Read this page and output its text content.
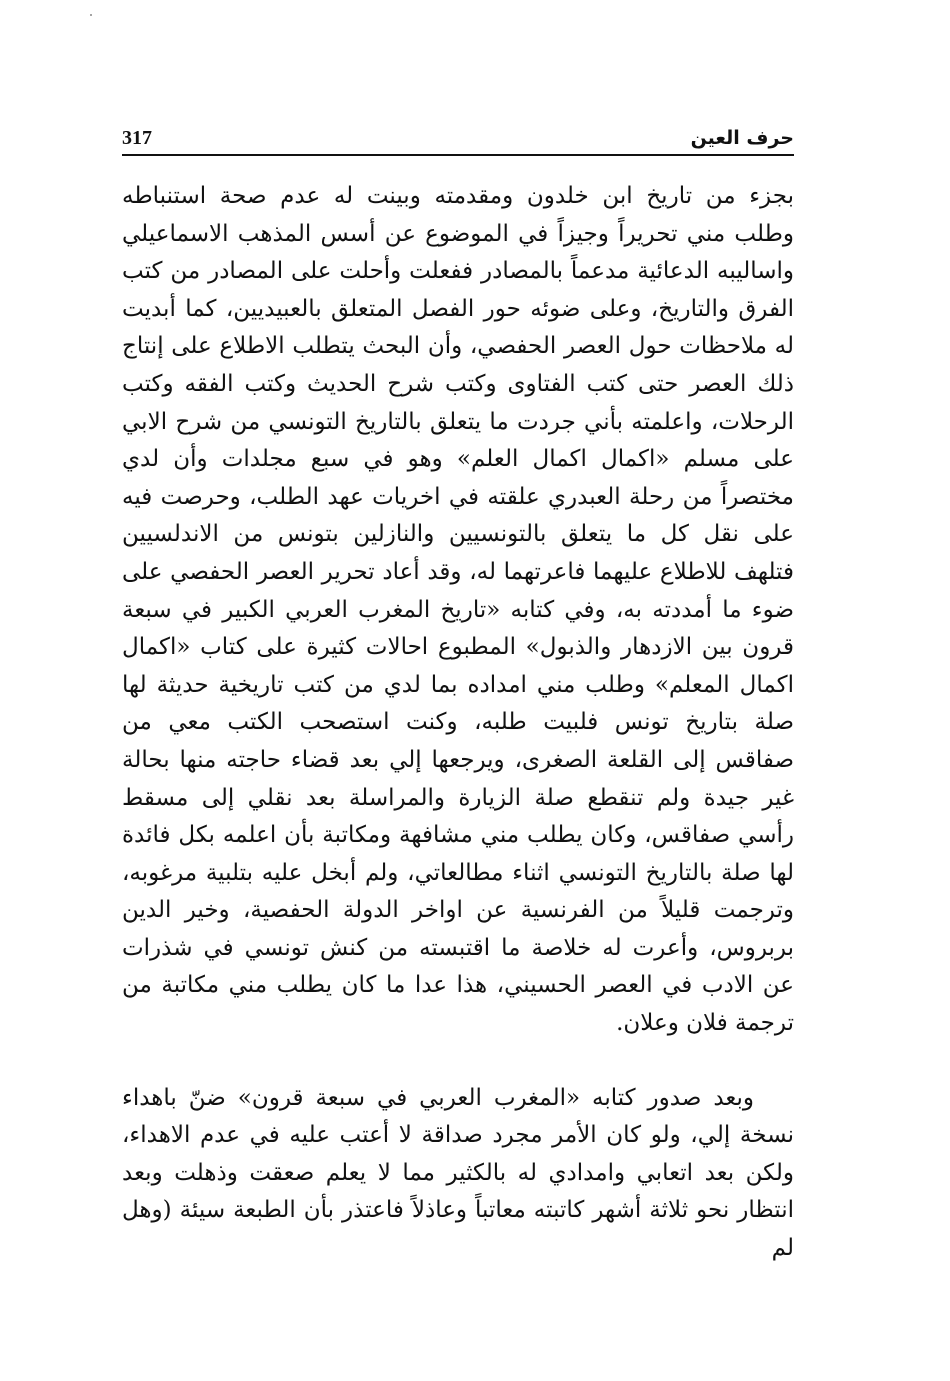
حرف العين
317

بجزء من تاريخ ابن خلدون ومقدمته وبينت له عدم صحة استنباطه وطلب مني تحريراً وجيزاً في الموضوع عن أسس المذهب الاسماعيلي واساليبه الدعائية مدعماً بالمصادر ففعلت وأحلت على المصادر من كتب الفرق والتاريخ، وعلى ضوئه حور الفصل المتعلق بالعبيديين، كما أبديت له ملاحظات حول العصر الحفصي، وأن البحث يتطلب الاطلاع على إنتاج ذلك العصر حتى كتب الفتاوى وكتب شرح الحديث وكتب الفقه وكتب الرحلات، واعلمته بأني جردت ما يتعلق بالتاريخ التونسي من شرح الابي على مسلم «اكمال اكمال العلم» وهو في سبع مجلدات وأن لدي مختصراً من رحلة العبدري علقته في اخريات عهد الطلب، وحرصت فيه على نقل كل ما يتعلق بالتونسيين والنازلين بتونس من الاندلسيين فتلهف للاطلاع عليهما فاعرتهما له، وقد أعاد تحرير العصر الحفصي على ضوء ما أمددته به، وفي كتابه «تاريخ المغرب العربي الكبير في سبعة قرون بين الازدهار والذبول» المطبوع احالات كثيرة على كتاب «اكمال اكمال المعلم» وطلب مني امداده بما لدي من كتب تاريخية حديثة لها صلة بتاريخ تونس فلبيت طلبه، وكنت استصحب الكتب معي من صفاقس إلى القلعة الصغرى، ويرجعها إلي بعد قضاء حاجته منها بحالة غير جيدة ولم تنقطع صلة الزيارة والمراسلة بعد نقلي إلى مسقط رأسي صفاقس، وكان يطلب مني مشافهة ومكاتبة بأن اعلمه بكل فائدة لها صلة بالتاريخ التونسي اثناء مطالعاتي، ولم أبخل عليه بتلبية مرغوبه، وترجمت قليلاً من الفرنسية عن اواخر الدولة الحفصية، وخير الدين بربروس، وأعرت له خلاصة ما اقتبسته من كنش تونسي في شذرات عن الادب في العصر الحسيني، هذا عدا ما كان يطلب مني مكاتبة من ترجمة فلان وعلان.

وبعد صدور كتابه «المغرب العربي في سبعة قرون» ضنّ باهداء نسخة إلي، ولو كان الأمر مجرد صداقة لا أعتب عليه في عدم الاهداء، ولكن بعد اتعابي وامدادي له بالكثير مما لا يعلم صعقت وذهلت وبعد انتظار نحو ثلاثة أشهر كاتبته معاتباً وعاذلاً فاعتذر بأن الطبعة سيئة (وهل لم
